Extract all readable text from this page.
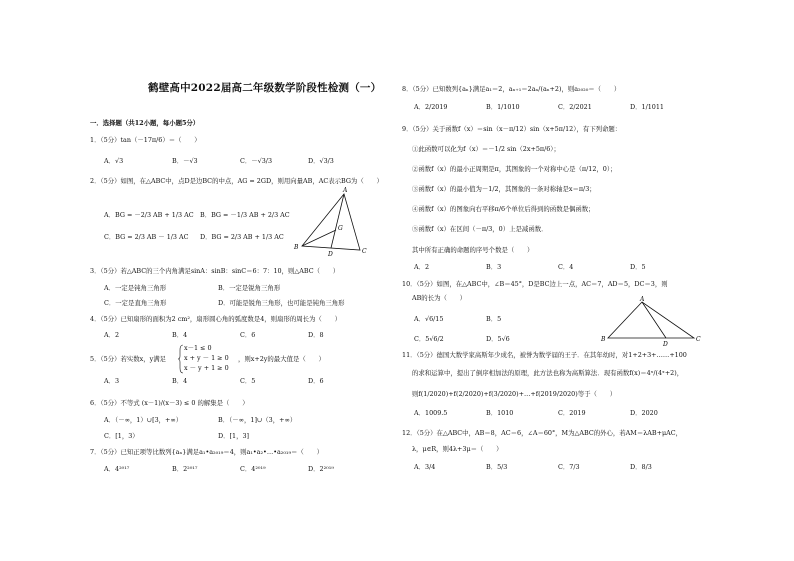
鹤壁高中2022届高二年级数学阶段性检测（一）
一．选择题（共12小题，每小题5分）
1．（5分）tan（－17π/6）＝（　　）
A．√3	B．－√3	C．－√3/3	D．√3/3
2．（5分）如图，在△ABC中，点D是边BC的中点，AG = 2GD，则用向量AB，AC表示BG为（　　）
A．BG = －2/3 AB + 1/3 AC B．BG = －1/3 AB + 2/3 AC
C．BG = 2/3 AB － 1/3 AC D．BG = 2/3 AB + 1/3 AC
A
B
C
D
G
3．（5分）若△ABC的三个内角满足sinA：sinB：sinC＝6：7：10，则△ABC（　　）
A．一定是钝角三角形	B．一定是锐角三角形
C．一定是直角三角形	D．可能是锐角三角形，也可能是钝角三角形
4．（5分）已知扇形的面积为2 cm²，扇形圆心角的弧度数是4，则扇形的周长为（　　）
A．2	B．4	C．6	D．8
5．（5分）若实数x，y满足
x－1 ≤ 0
x + y － 1 ≥ 0
x － y + 1 ≥ 0
，则x+2y的最大值是（　　）
A．3	B．4	C．5	D．6
6．（5分）不等式 (x－1)/(x－3) ≤ 0 的解集是（　　）
A．（－∞，1）∪[3，+∞）	B．（－∞，1]∪（3，+∞）
C．[1，3）	D．[1，3]
7．（5分）已知正项等比数列{aₙ}满足a₁•a₂₀₁₉＝4，则a₁•a₂•…•a₂₀₁₉＝（　　）
A．4²⁰¹⁷	B．2²⁰¹⁷	C．4²⁰¹⁹	D．2²⁰¹⁹
8．（5分）已知数列{aₙ}满足a₁＝2，aₙ₊₁＝2aₙ/(aₙ+2)，则a₂₀₂₀＝（　　）
A．2/2019	B．1/1010	C．2/2021	D．1/1011
9．（5分）关于函数f（x）＝sin（x－π/12）sin（x+5π/12），有下列命题：
①此函数可以化为f（x）＝－1/2 sin（2x+5π/6）；
②函数f（x）的最小正周期是π，其图象的一个对称中心是（π/12，0）；
③函数f（x）的最小值为－1/2，其图象的一条对称轴是x＝π/3；
④函数f（x）的图象向右平移π/6个单位后得到的函数是偶函数；
⑤函数f（x）在区间（－π/3，0）上是减函数．
其中所有正确的命题的序号个数是（　　）
A．2	B．3	C．4	D．5
10．（5分）如图，在△ABC中，∠B＝45°，D是BC边上一点，AC＝7，AD＝5，DC＝3，则
AB的长为（　　）
A．√6/15	B．5
C．5√6/2	D．5√6
A
B	C
D
11．（5分）德国大数学家高斯年少成名，被誉为数学届的王子．在其年幼时，对1+2+3+……+100
的求和运算中，提出了倒序相加法的原理，此方法也称为高斯算法．现有函数f(x)＝4ˣ/(4ˣ+2)，
则f(1/2020)+f(2/2020)+f(3/2020)+…+f(2019/2020)等于（　　）
A．1009.5	B．1010	C．2019	D．2020
12．（5分）在△ABC中，AB＝8，AC＝6，∠A＝60°，M为△ABC的外心，若AM＝λAB+μAC，
λ，μ∈R，则4λ+3μ＝（　　）
A．3/4	B．5/3	C．7/3	D．8/3
